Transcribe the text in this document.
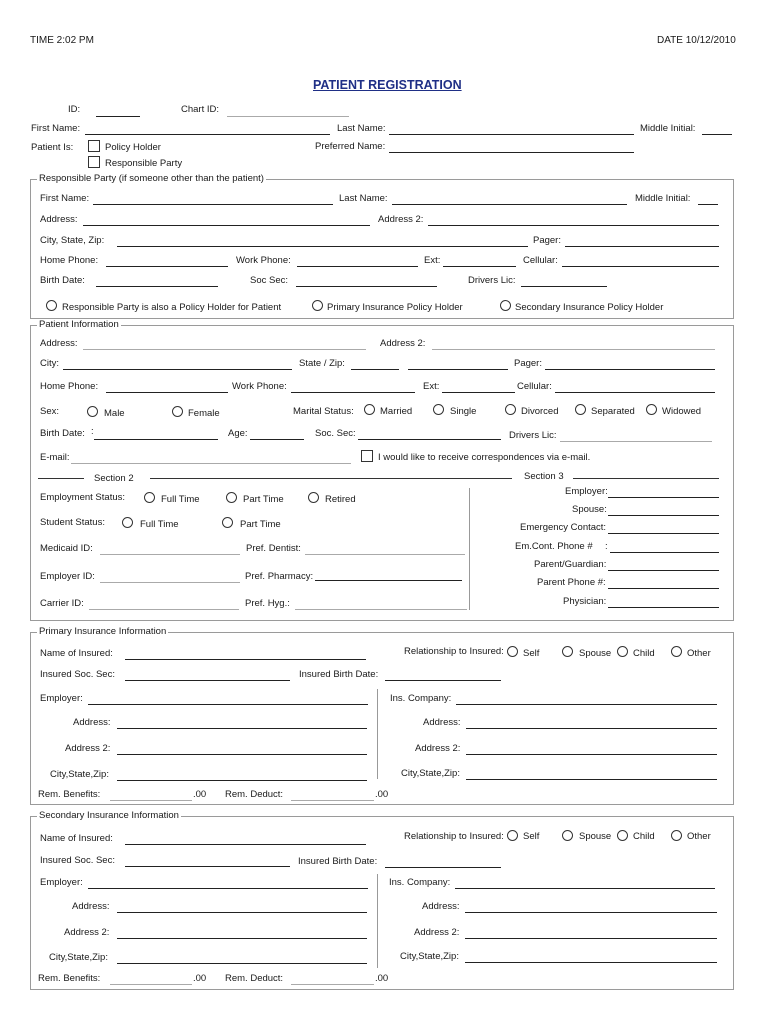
TIME 2:02 PM	DATE 10/12/2010
PATIENT REGISTRATION
ID:	Chart ID:
First Name:	Last Name:	Middle Initial:
Patient Is:	Policy Holder	Preferred Name:
Responsible Party
Responsible Party (if someone other than the patient)
First Name:	Last Name:	Middle Initial:
Address:	Address 2:
City, State, Zip:	Pager:
Home Phone:	Work Phone:	Ext:	Cellular:
Birth Date:	Soc Sec:	Drivers Lic:
Responsible Party is also a Policy Holder for Patient	Primary Insurance Policy Holder	Secondary Insurance Policy Holder
Patient Information
Address:	Address 2:
City:	State / Zip:	Pager:
Home Phone:	Work Phone:	Ext:	Cellular:
Sex:	Male	Female	Marital Status:	Married	Single	Divorced	Separated	Widowed
Birth Date: :	Age:	Soc. Sec:	Drivers Lic:
E-mail:	I would like to receive correspondences via e-mail.
Section 2	Section 3
Employment Status:	Full Time	Part Time	Retired
Student Status:	Full Time	Part Time
Medicaid ID:	Pref. Dentist:
Employer ID:	Pref. Pharmacy:
Carrier ID:	Pref. Hyg.:
Employer:
Spouse:
Emergency Contact:
Em.Cont. Phone # :
Parent/Guardian:
Parent Phone #:
Physician:
Primary Insurance Information
Name of Insured:	Relationship to Insured: Self	Spouse Child	Other
Insured Soc. Sec:	Insured Birth Date:
Employer:	Ins. Company:
Address:	Address:
Address 2:	Address 2:
City,State,Zip:	City,State,Zip:
Rem. Benefits:	.00 Rem. Deduct:	.00
Secondary Insurance Information
Name of Insured:	Relationship to Insured: Self	Spouse Child	Other
Insured Soc. Sec:	Insured Birth Date:
Employer:	Ins. Company:
Address:	Address:
Address 2:	Address 2:
City,State,Zip:	City,State,Zip:
Rem. Benefits:	.00 Rem. Deduct:	.00
